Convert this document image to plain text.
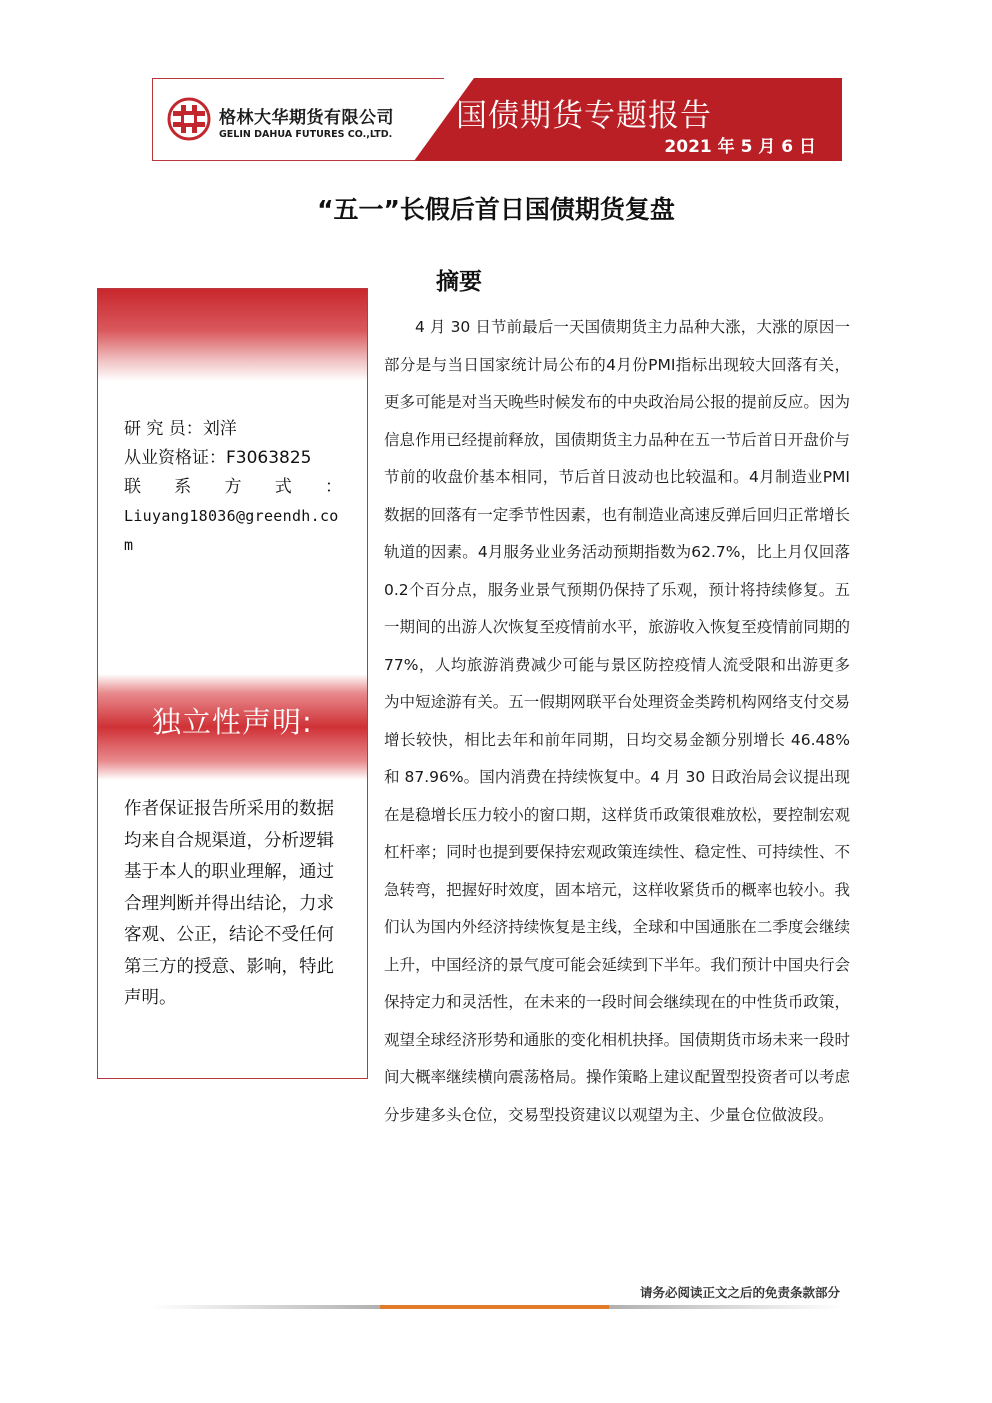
格林大华期货有限公司
GELIN DAHUA FUTURES CO.,LTD.
国债期货专题报告
2021 年 5 月 6 日
“五一”长假后首日国债期货复盘
摘要
研 究 员：刘洋
从业资格证：F3063825
联 系 方 式 ：
Liuyang18036@greendh.com
独立性声明:
作者保证报告所采用的数据均来自合规渠道，分析逻辑基于本人的职业理解，通过合理判断并得出结论，力求客观、公正，结论不受任何第三方的授意、影响，特此声明。

4 月 30 日节前最后一天国债期货主力品种大涨，大涨的原因一部分是与当日国家统计局公布的4月份PMI指标出现较大回落有关，更多可能是对当天晚些时候发布的中央政治局公报的提前反应。因为信息作用已经提前释放，国债期货主力品种在五一节后首日开盘价与节前的收盘价基本相同，节后首日波动也比较温和。4月制造业PMI数据的回落有一定季节性因素，也有制造业高速反弹后回归正常增长轨道的因素。4月服务业业务活动预期指数为62.7%，比上月仅回落0.2个百分点，服务业景气预期仍保持了乐观，预计将持续修复。五一期间的出游人次恢复至疫情前水平，旅游收入恢复至疫情前同期的77%，人均旅游消费减少可能与景区防控疫情人流受限和出游更多为中短途游有关。五一假期网联平台处理资金类跨机构网络支付交易增长较快，相比去年和前年同期，日均交易金额分别增长 46.48%和 87.96%。国内消费在持续恢复中。4 月 30 日政治局会议提出现在是稳增长压力较小的窗口期，这样货币政策很难放松，要控制宏观杠杆率；同时也提到要保持宏观政策连续性、稳定性、可持续性、不急转弯，把握好时效度，固本培元，这样收紧货币的概率也较小。我们认为国内外经济持续恢复是主线，全球和中国通胀在二季度会继续上升，中国经济的景气度可能会延续到下半年。我们预计中国央行会保持定力和灵活性，在未来的一段时间会继续现在的中性货币政策，观望全球经济形势和通胀的变化相机抉择。国债期货市场未来一段时间大概率继续横向震荡格局。操作策略上建议配置型投资者可以考虑分步建多头仓位，交易型投资建议以观望为主、少量仓位做波段。

请务必阅读正文之后的免责条款部分
